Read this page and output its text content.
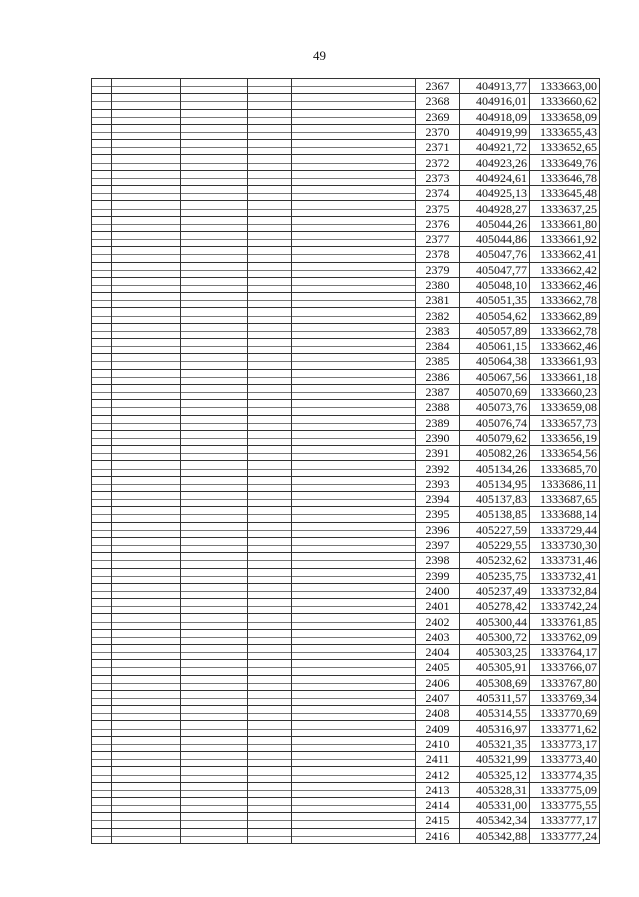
49
					2367	404913,77	1333663,00
					2368	404916,01	1333660,62
					2369	404918,09	1333658,09
					2370	404919,99	1333655,43
					2371	404921,72	1333652,65
					2372	404923,26	1333649,76
					2373	404924,61	1333646,78
					2374	404925,13	1333645,48
					2375	404928,27	1333637,25
					2376	405044,26	1333661,80
					2377	405044,86	1333661,92
					2378	405047,76	1333662,41
					2379	405047,77	1333662,42
					2380	405048,10	1333662,46
					2381	405051,35	1333662,78
					2382	405054,62	1333662,89
					2383	405057,89	1333662,78
					2384	405061,15	1333662,46
					2385	405064,38	1333661,93
					2386	405067,56	1333661,18
					2387	405070,69	1333660,23
					2388	405073,76	1333659,08
					2389	405076,74	1333657,73
					2390	405079,62	1333656,19
					2391	405082,26	1333654,56
					2392	405134,26	1333685,70
					2393	405134,95	1333686,11
					2394	405137,83	1333687,65
					2395	405138,85	1333688,14
					2396	405227,59	1333729,44
					2397	405229,55	1333730,30
					2398	405232,62	1333731,46
					2399	405235,75	1333732,41
					2400	405237,49	1333732,84
					2401	405278,42	1333742,24
					2402	405300,44	1333761,85
					2403	405300,72	1333762,09
					2404	405303,25	1333764,17
					2405	405305,91	1333766,07
					2406	405308,69	1333767,80
					2407	405311,57	1333769,34
					2408	405314,55	1333770,69
					2409	405316,97	1333771,62
					2410	405321,35	1333773,17
					2411	405321,99	1333773,40
					2412	405325,12	1333774,35
					2413	405328,31	1333775,09
					2414	405331,00	1333775,55
					2415	405342,34	1333777,17
					2416	405342,88	1333777,24
